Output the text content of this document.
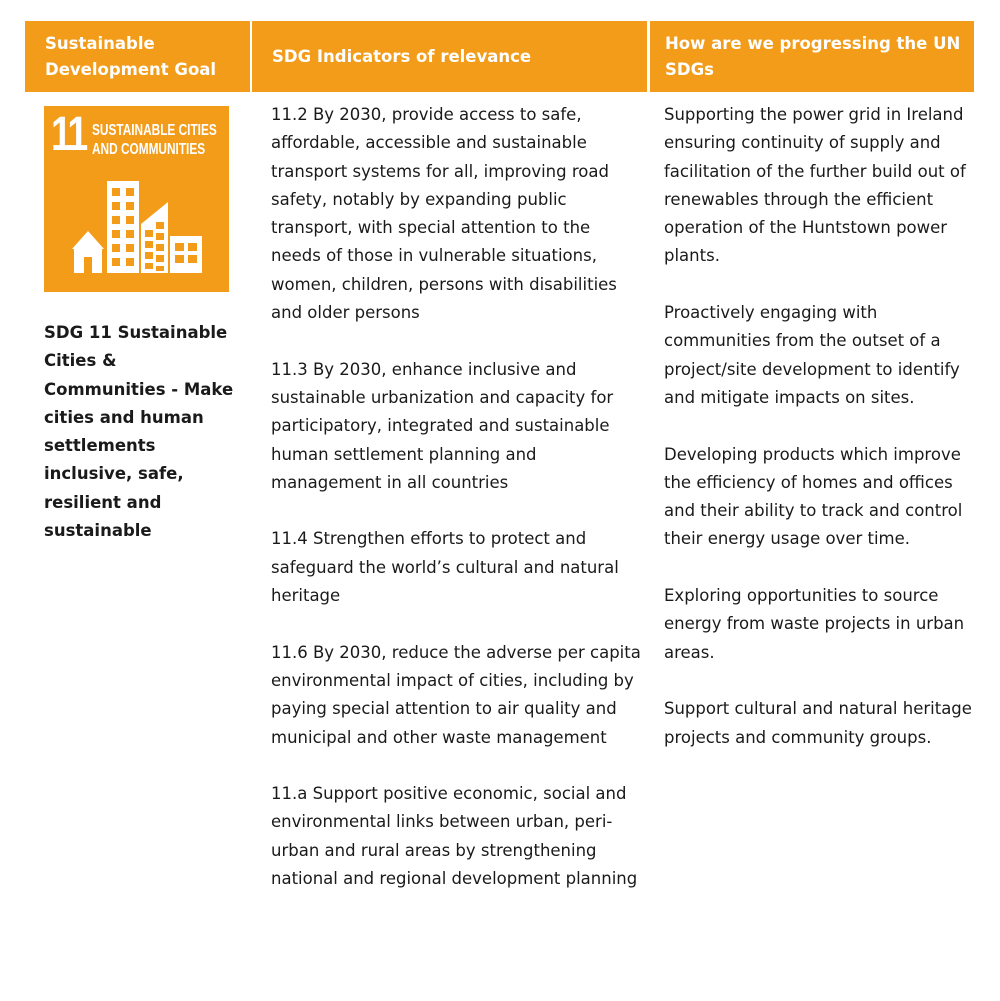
Sustainable Development Goal
SDG Indicators of relevance
How are we progressing the UN SDGs
11 SUSTAINABLE CITIES
AND COMMUNITIES

SDG 11 Sustainable Cities & Communities - Make cities and human settlements inclusive, safe, resilient and sustainable

11.2 By 2030, provide access to safe, affordable, accessible and sustainable transport systems for all, improving road safety, notably by expanding public transport, with special attention to the needs of those in vulnerable situations, women, children, persons with disabilities and older persons

11.3 By 2030, enhance inclusive and sustainable urbanization and capacity for participatory, integrated and sustainable human settlement planning and management in all countries

11.4 Strengthen efforts to protect and safeguard the world’s cultural and natural heritage

11.6 By 2030, reduce the adverse per capita environmental impact of cities, including by paying special attention to air quality and municipal and other waste management

11.a Support positive economic, social and environmental links between urban, peri-urban and rural areas by strengthening national and regional development planning

Supporting the power grid in Ireland ensuring continuity of supply and facilitation of the further build out of renewables through the efficient operation of the Huntstown power plants.

Proactively engaging with communities from the outset of a project/site development to identify and mitigate impacts on sites.

Developing products which improve the efficiency of homes and offices and their ability to track and control their energy usage over time.

Exploring opportunities to source energy from waste projects in urban areas.

Support cultural and natural heritage projects and community groups.
